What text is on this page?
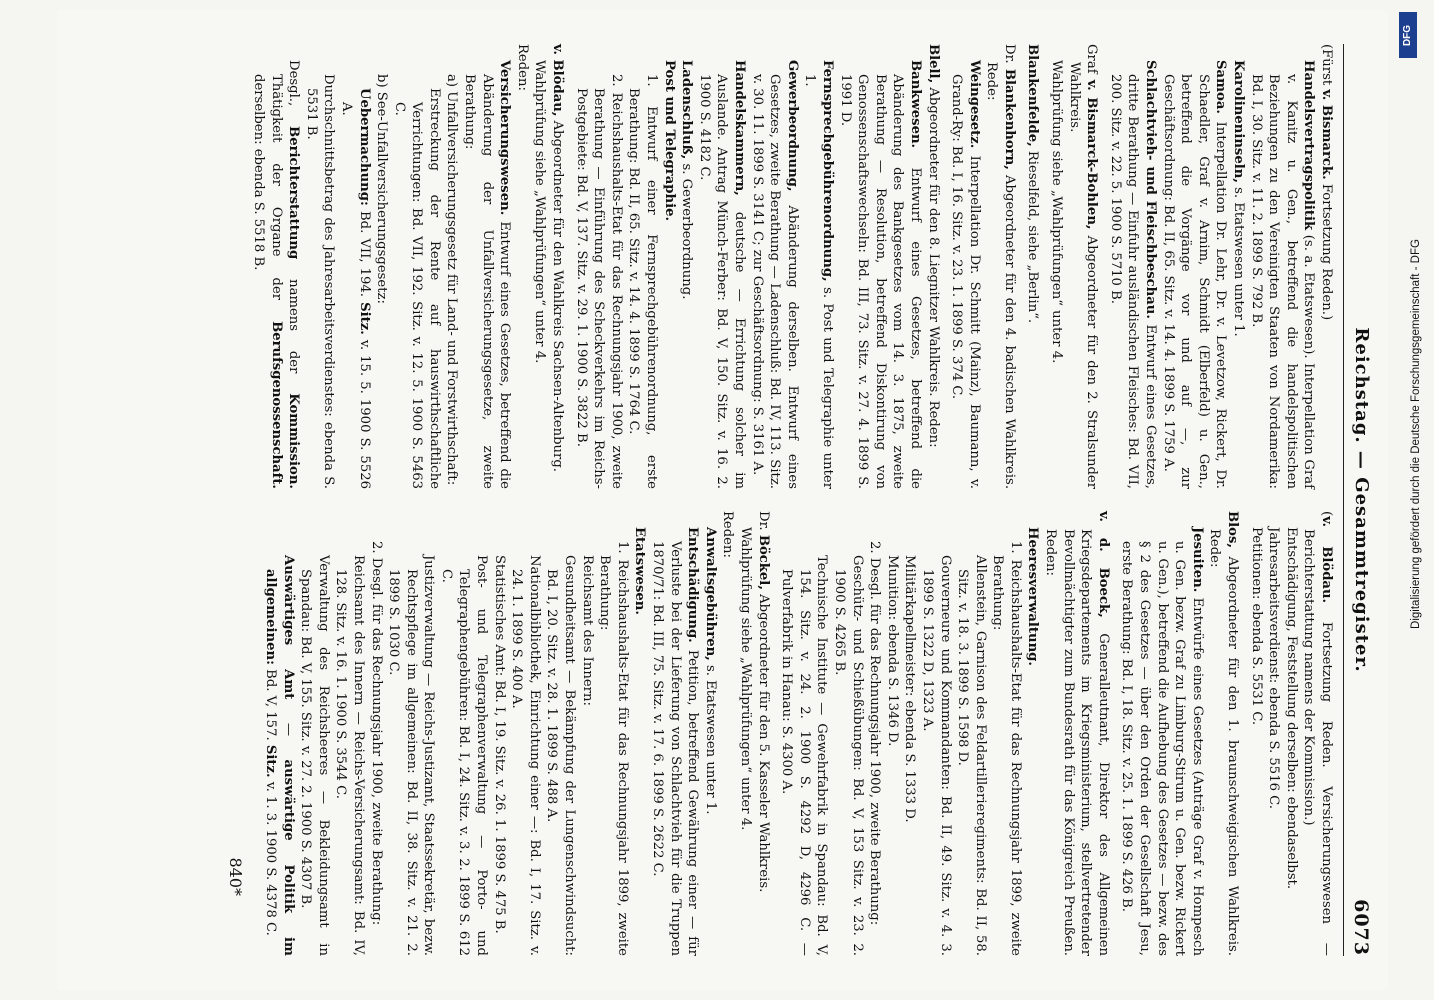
Reichstag. — Gesammtregister.
6073

(Fürst v. Bismarck. Fortsetzung Reden.)

Handelsvertragspolitik (s. a. Etatswesen). Interpellation Graf v. Kanitz u. Gen., betreffend die handelspolitischen Beziehungen zu den Vereinigten Staaten von Nordamerika: Bd. I, 30. Sitz. v. 11. 2. 1899 S. 792 B.

Karolineninseln, s. Etatswesen unter 1.

Samoa. Interpellation Dr. Lehr, Dr. v. Levetzow, Rickert, Dr. Schaedler, Graf v. Arnim, Schmidt (Elberfeld) u. Gen., betreffend die Vorgänge vor und auf —, zur Geschäftsordnung: Bd. II, 65. Sitz. v. 14. 4. 1899 S. 1759 A.

Schlachtvieh- und Fleischbeschau. Entwurf eines Gesetzes, dritte Berathung — Einfuhr ausländischen Fleisches: Bd. VII, 200. Sitz. v. 22. 5. 1900 S. 5710 B.

Graf v. Bismarck-Bohlen, Abgeordneter für den 2. Stralsunder Wahlkreis.

Wahlprüfung siehe „Wahlprüfungen“ unter 4.

Blankenfelde, Rieselfeld, siehe „Berlin“.

Dr. Blankenhorn, Abgeordneter für den 4. badischen Wahlkreis. Rede:

Weingesetz. Interpellation Dr. Schmitt (Mainz), Baumann, v. Grand-Ry: Bd. I, 16. Sitz. v. 23. 1. 1899 S. 374 C.

Blell, Abgeordneter für den 8. Liegnitzer Wahlkreis. Reden:

Bankwesen. Entwurf eines Gesetzes, betreffend die Abänderung des Bankgesetzes vom 14. 3. 1875, zweite Berathung — Resolution, betreffend Diskontirung von Genossenschaftswechseln: Bd. III, 73. Sitz. v. 27. 4. 1899 S. 1991 D.

Fernsprechgebührenordnung, s. Post und Telegraphie unter 1.

Gewerbeordnung, Abänderung derselben. Entwurf eines Gesetzes, zweite Berathung — Ladenschluß: Bd. IV, 113. Sitz. v. 30. 11. 1899 S. 3141 C; zur Geschäftsordnung: S. 3161 A.

Handelskammern, deutsche — Errichtung solcher im Auslande. Antrag Münch-Ferber: Bd. V, 150. Sitz. v. 16. 2. 1900 S. 4182 C.

Ladenschluß, s. Gewerbeordnung.

Post und Telegraphie.

1. Entwurf einer Fernsprechgebührenordnung, erste Berathung: Bd. II, 65. Sitz. v. 14. 4. 1899 S. 1764 C.

2. Reichshaushalts-Etat für das Rechnungsjahr 1900, zweite Berathung — Einführung des Scheckverkehrs im Reichs-Postgebiete: Bd. V, 137. Sitz. v. 29. 1. 1900 S. 3822 B.

v. Blödau, Abgeordneter für den Wahlkreis Sachsen-Altenburg.

Wahlprüfung siehe „Wahlprüfungen“ unter 4.

Reden:

Versicherungswesen. Entwurf eines Gesetzes, betreffend die Abänderung der Unfallversicherungsgesetze, zweite Berathung:

a) Unfallversicherungsgesetz für Land- und Forstwirthschaft:

Erstreckung der Rente auf hauswirthschaftliche Verrichtungen: Bd. VII, 192. Sitz. v. 12. 5. 1900 S. 5463 C.

b) See-Unfallversicherungsgesetz:

Uebermachung: Bd. VII, 194. Sitz. v. 15. 5. 1900 S. 5526 A.

Durchschnittsbetrag des Jahresarbeitsverdienstes: ebenda S. 5531 B.

Desgl., Berichterstattung namens der Kommission. Thätigkeit der Organe der Berufsgenossenschaft. derselben: ebenda S. 5518 B.

(v. Blödau. Fortsetzung Reden. Versicherungswesen — Berichterstattung namens der Kommission.)

Entschädigung, Feststellung derselben: ebendaselbst.

Jahresarbeitsverdienst: ebenda S. 5516 C.

Petitionen: ebenda S. 5531 C.

Blos, Abgeordneter für den 1. braunschweigischen Wahlkreis. Rede:

Jesuiten. Entwürfe eines Gesetzes (Anträge Graf v. Hompesch u. Gen. bezw. Graf zu Limburg-Stirum u. Gen. bezw. Rickert u. Gen.), betreffend die Aufhebung des Gesetzes — bezw. des § 2 des Gesetzes — über den Orden der Gesellschaft Jesu, erste Berathung: Bd. I, 18. Sitz. v. 25. 1. 1899 S. 426 B.

v. d. Boeck, Generalleutnant, Direktor des Allgemeinen Kriegsdepartements im Kriegsministerium, stellvertretender Bevollmächtigter zum Bundesrath für das Königreich Preußen. Reden:

Heeresverwaltung.

1. Reichshaushalts-Etat für das Rechnungsjahr 1899, zweite Berathung:

Allenstein, Garnison des Feldartillerieregiments: Bd. II, 58. Sitz. v. 18. 3. 1899 S. 1598 D.

Gouverneure und Kommandanten: Bd. II, 49. Sitz. v. 4. 3. 1899 S. 1322 D, 1323 A.

Militärkapellmeister: ebenda S. 1333 D.

Munition: ebenda S. 1346 D.

2. Desgl. für das Rechnungsjahr 1900, zweite Berathung:

Geschütz- und Schießübungen: Bd. V, 153 Sitz. v. 23. 2. 1900 S. 4265 B.

Technische Institute — Gewehrfabrik in Spandau: Bd. V, 154. Sitz. v. 24. 2. 1900 S. 4292 D, 4296 C. — Pulverfabrik in Hanau: S. 4300 A.

Dr. Böckel, Abgeordneter für den 5. Kasseler Wahlkreis.

Wahlprüfung siehe „Wahlprüfungen“ unter 4.

Reden:

Anwaltsgebühren, s. Etatswesen unter 1.

Entschädigung. Petition, betreffend Gewährung einer — für Verluste bei der Lieferung von Schlachtvieh für die Truppen 1870/71: Bd. III, 75. Sitz. v. 17. 6. 1899 S. 2622 C.

Etatswesen.

1. Reichshaushalts-Etat für das Rechnungsjahr 1899, zweite Berathung:

Reichsamt des Innern:

Gesundheitsamt — Bekämpfung der Lungenschwindsucht: Bd. I, 20. Sitz. v. 28. 1. 1899 S. 488 A.

Nationalbibliothek, Einrichtung einer —: Bd. I, 17. Sitz. v. 24. 1. 1899 S. 400 A.

Statistisches Amt: Bd. I, 19. Sitz. v. 26. 1. 1899 S. 475 B.

Post- und Telegraphenverwaltung — Porto- und Telegraphengebühren: Bd. I, 24. Sitz. v. 3. 2. 1899 S. 612 C.

Justizverwaltung — Reichs-Justizamt, Staatssekretär, bezw. Rechtspflege im allgemeinen: Bd. II, 38. Sitz. v. 21. 2. 1899 S. 1030 C.

2. Desgl. für das Rechnungsjahr 1900, zweite Berathung:

Reichsamt des Innern — Reichs-Versicherungsamt: Bd. IV, 128. Sitz. v. 16. 1. 1900 S. 3544 C.

Verwaltung des Reichsheeres — Bekleidungsamt in Spandau: Bd. V, 155. Sitz. v. 27. 2. 1900 S. 4307 B.

Auswärtiges Amt — auswärtige Politik im allgemeinen: Bd. V, 157. Sitz. v. 1. 3. 1900 S. 4378 C.

840*
DFG
Digitalisierung gefördert durch die Deutsche Forschungsgemeinschaft - DFG
